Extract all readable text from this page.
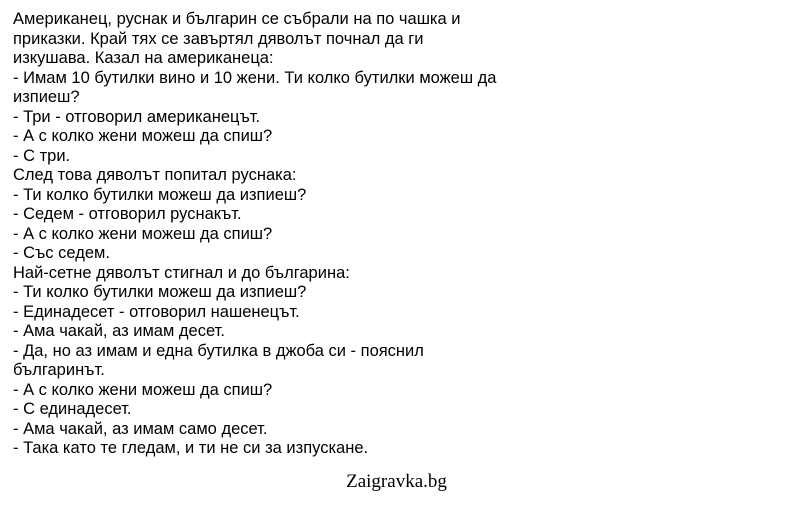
Американец, руснак и българин се събрали на по чашка и
приказки. Край тях се завъртял дяволът почнал да ги
изкушава. Казал на американеца:
- Имам 10 бутилки вино и 10 жени. Ти колко бутилки можеш да
изпиеш?
- Три - отговорил американецът.
- А с колко жени можеш да спиш?
- С три.
След това дяволът попитал руснака:
- Ти колко бутилки можеш да изпиеш?
- Седем - отговорил руснакът.
- А с колко жени можеш да спиш?
- Със седем.
Най-сетне дяволът стигнал и до българина:
- Ти колко бутилки можеш да изпиеш?
- Единадесет - отговорил нашенецът.
- Ама чакай, аз имам десет.
- Да, но аз имам и една бутилка в джоба си - пояснил
българинът.
- А с колко жени можеш да спиш?
- С единадесет.
- Ама чакай, аз имам само десет.
- Така като те гледам, и ти не си за изпускане.
Zaigravka.bg
